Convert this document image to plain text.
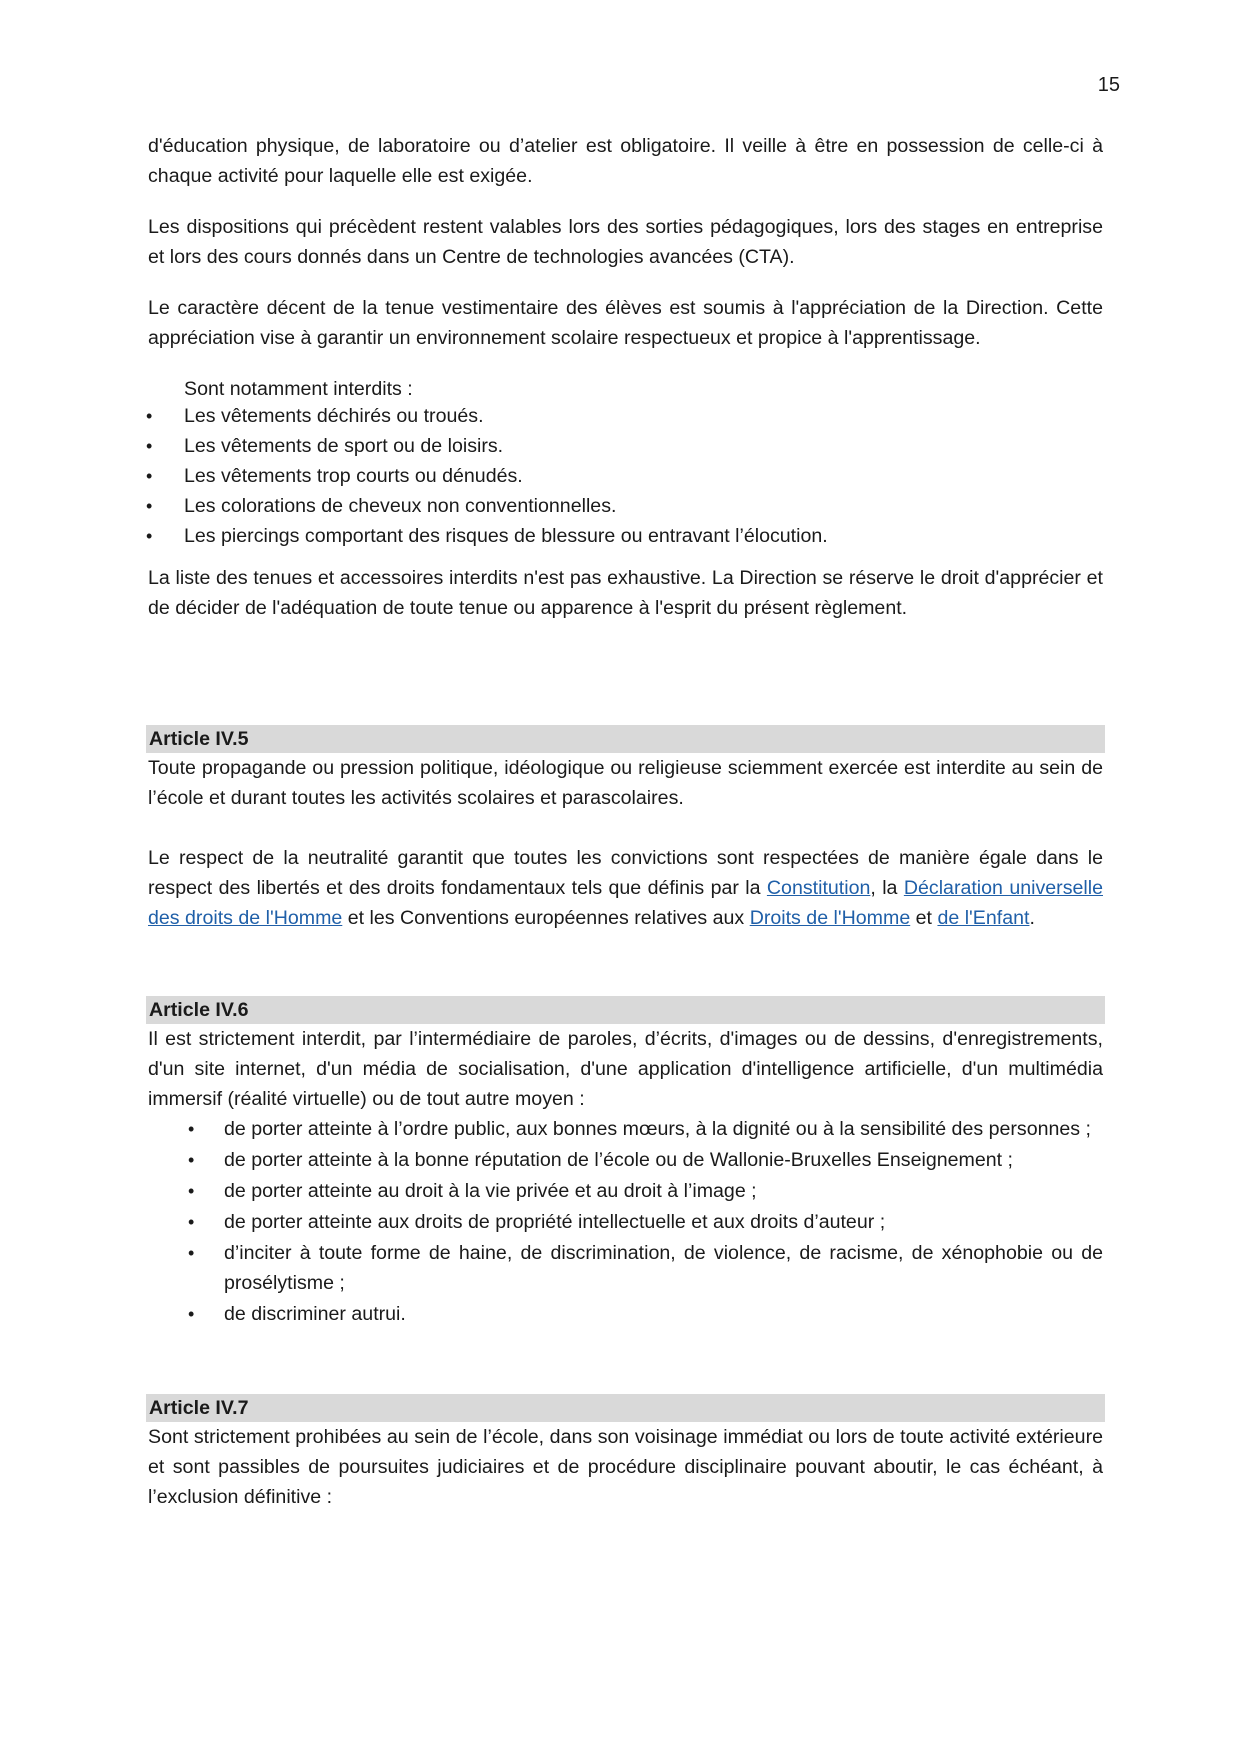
15

d'éducation physique, de laboratoire ou d’atelier est obligatoire. Il veille à être en possession de celle-ci à chaque activité pour laquelle elle est exigée.

Les dispositions qui précèdent restent valables lors des sorties pédagogiques, lors des stages en entreprise et lors des cours donnés dans un Centre de technologies avancées (CTA).

Le caractère décent de la tenue vestimentaire des élèves est soumis à l'appréciation de la Direction. Cette appréciation vise à garantir un environnement scolaire respectueux et propice à l'apprentissage.

Sont notamment interdits :
•	Les vêtements déchirés ou troués.
•	Les vêtements de sport ou de loisirs.
•	Les vêtements trop courts ou dénudés.
•	Les colorations de cheveux non conventionnelles.
•	Les piercings comportant des risques de blessure ou entravant l’élocution.

La liste des tenues et accessoires interdits n'est pas exhaustive. La Direction se réserve le droit d'apprécier et de décider de l'adéquation de toute tenue ou apparence à l'esprit du présent règlement.

Article IV.5

Toute propagande ou pression politique, idéologique ou religieuse sciemment exercée est interdite au sein de l’école et durant toutes les activités scolaires et parascolaires.

Le respect de la neutralité garantit que toutes les convictions sont respectées de manière égale dans le respect des libertés et des droits fondamentaux tels que définis par la Constitution, la Déclaration universelle des droits de l'Homme et les Conventions européennes relatives aux Droits de l'Homme et de l'Enfant.

Article IV.6

Il est strictement interdit, par l’intermédiaire de paroles, d’écrits, d'images ou de dessins, d'enregistrements, d'un site internet, d'un média de socialisation, d'une application d'intelligence artificielle, d'un multimédia immersif (réalité virtuelle) ou de tout autre moyen :

•	de porter atteinte à l’ordre public, aux bonnes mœurs, à la dignité ou à la sensibilité des personnes ;
•	de porter atteinte à la bonne réputation de l’école ou de Wallonie-Bruxelles Enseignement ;
•	de porter atteinte au droit à la vie privée et au droit à l’image ;
•	de porter atteinte aux droits de propriété intellectuelle et aux droits d’auteur ;
•	d’inciter à toute forme de haine, de discrimination, de violence, de racisme, de xénophobie ou de prosélytisme ;
•	de discriminer autrui.
Article IV.7

Sont strictement prohibées au sein de l’école, dans son voisinage immédiat ou lors de toute activité extérieure et sont passibles de poursuites judiciaires et de procédure disciplinaire pouvant aboutir, le cas échéant, à l’exclusion définitive :
